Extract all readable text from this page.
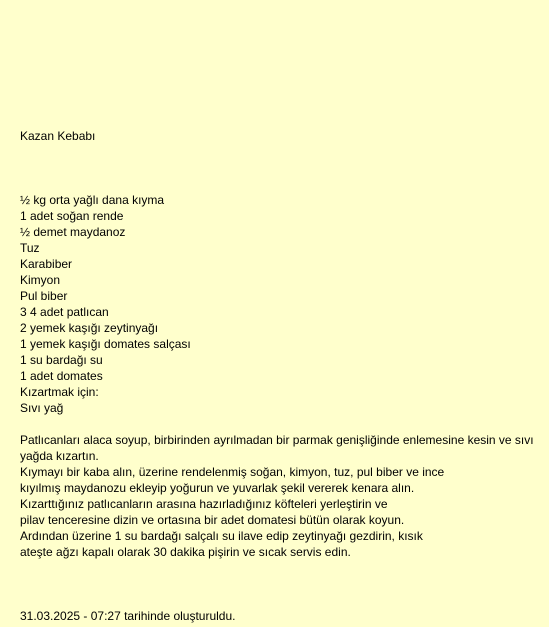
Kazan Kebabı
½ kg orta yağlı dana kıyma
1 adet soğan rende
½ demet maydanoz
Tuz
Karabiber
Kimyon
Pul biber
3 4 adet patlıcan
2 yemek kaşığı zeytinyağı
1 yemek kaşığı domates salçası
1 su bardağı su
1 adet domates
Kızartmak için:
Sıvı yağ

Patlıcanları alaca soyup, birbirinden ayrılmadan bir parmak genişliğinde enlemesine kesin ve sıvı yağda kızartın.

Kıymayı bir kaba alın, üzerine rendelenmiş soğan, kimyon, tuz, pul biber ve ince

kıyılmış maydanozu ekleyip yoğurun ve yuvarlak şekil vererek kenara alın.

Kızarttığınız patlıcanların arasına hazırladığınız köfteleri yerleştirin ve

pilav tenceresine dizin ve ortasına bir adet domatesi bütün olarak koyun.

Ardından üzerine 1 su bardağı salçalı su ilave edip zeytinyağı gezdirin, kısık

ateşte ağzı kapalı olarak 30 dakika pişirin ve sıcak servis edin.

31.03.2025 - 07:27 tarihinde oluşturuldu.
